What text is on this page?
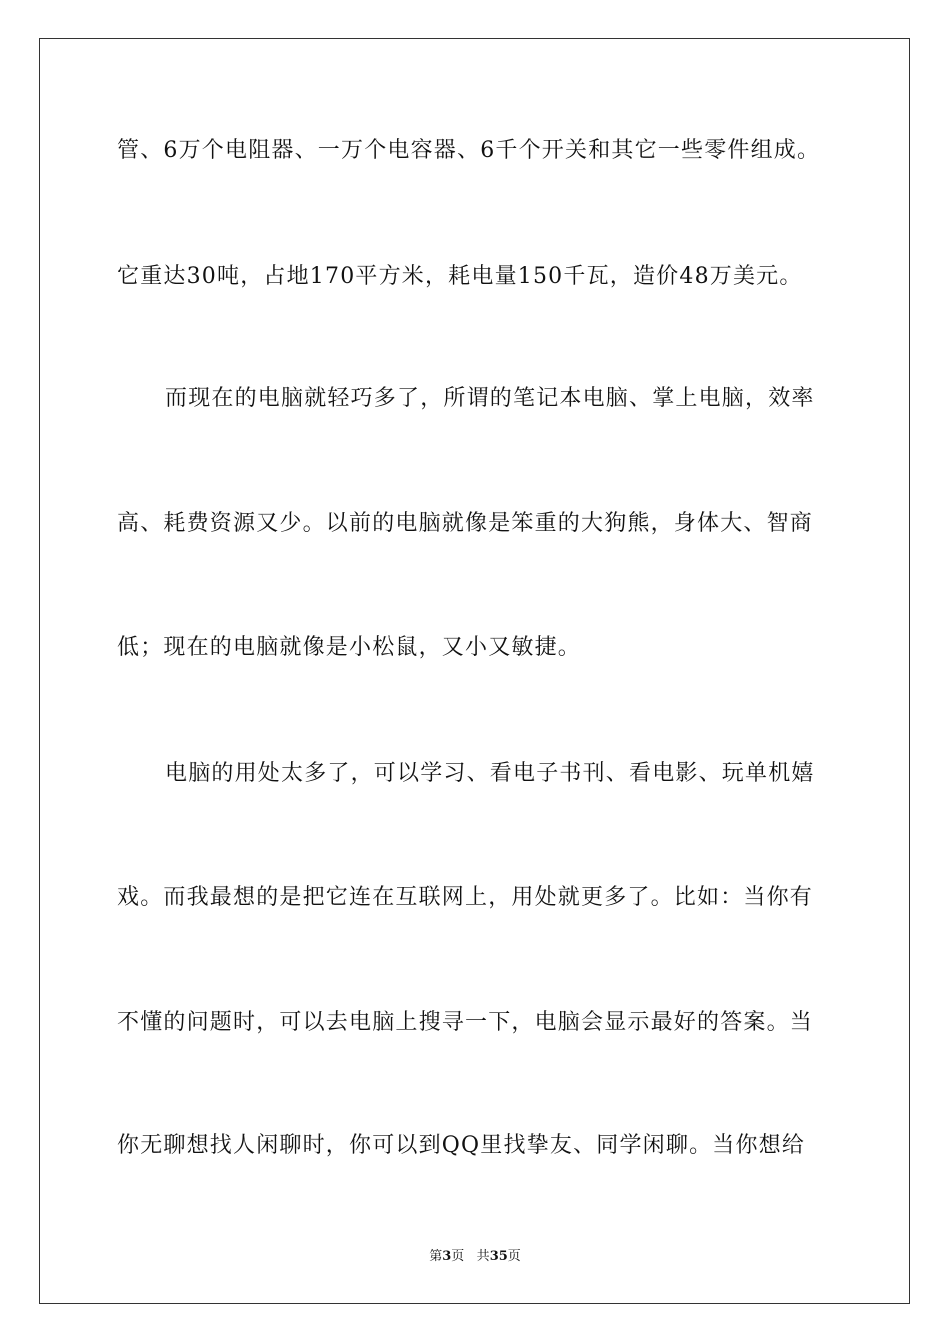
管、6万个电阻器、一万个电容器、6千个开关和其它一些零件组成。
它重达30吨，占地170平方米，耗电量150千瓦，造价48万美元。
而现在的电脑就轻巧多了，所谓的笔记本电脑、掌上电脑，效率
高、耗费资源又少。以前的电脑就像是笨重的大狗熊，身体大、智商
低；现在的电脑就像是小松鼠，又小又敏捷。
电脑的用处太多了，可以学习、看电子书刊、看电影、玩单机嬉
戏。而我最想的是把它连在互联网上，用处就更多了。比如：当你有
不懂的问题时，可以去电脑上搜寻一下，电脑会显示最好的答案。当
你无聊想找人闲聊时，你可以到QQ里找挚友、同学闲聊。当你想给
第3页 共35页
